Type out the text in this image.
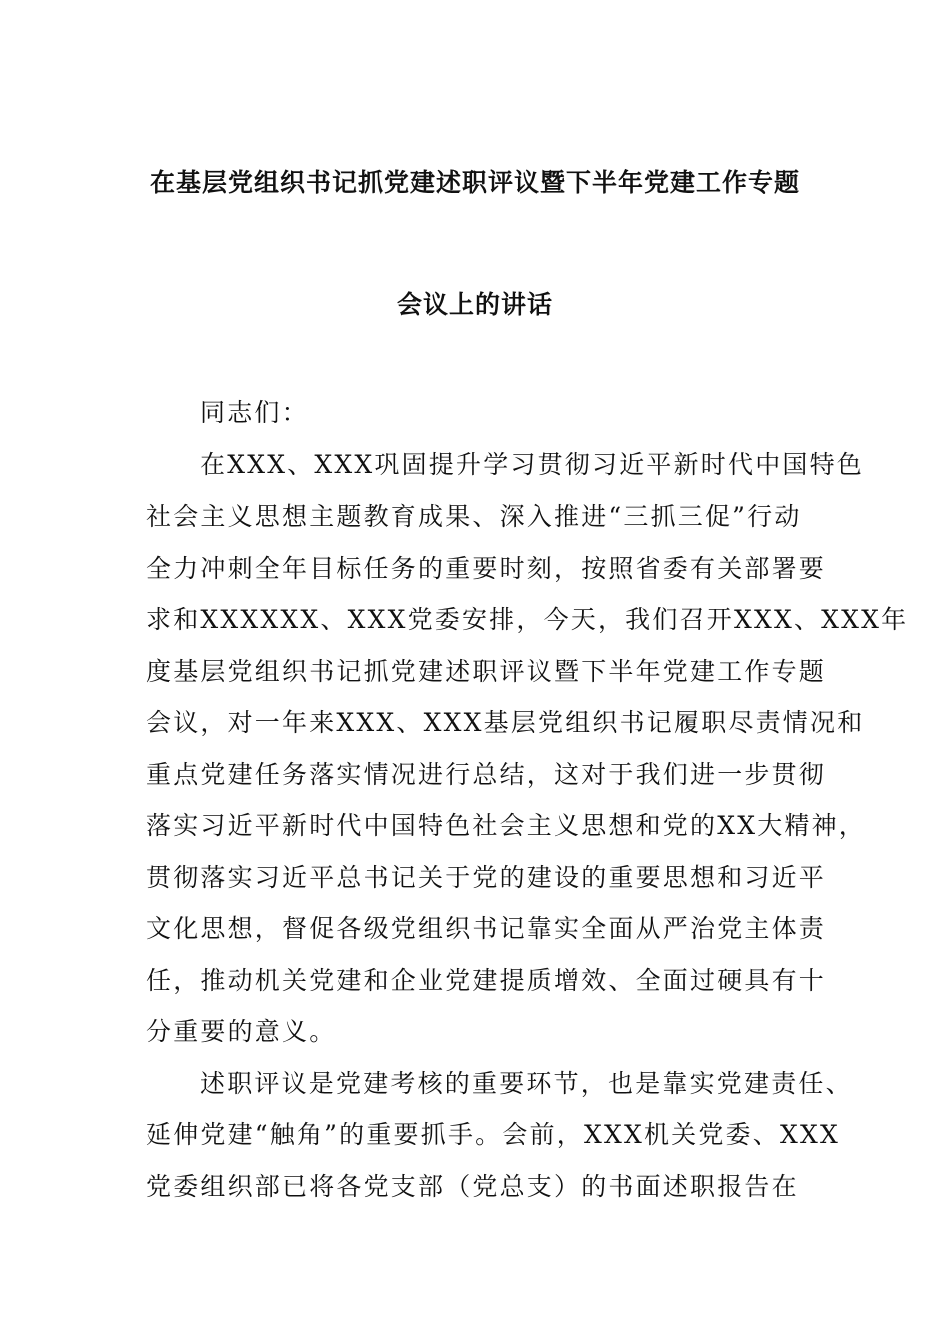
在基层党组织书记抓党建述职评议暨下半年党建工作专题
会议上的讲话
同志们：
在XXX、XXX巩固提升学习贯彻习近平新时代中国特色
社会主义思想主题教育成果、深入推进“三抓三促”行动
全力冲刺全年目标任务的重要时刻，按照省委有关部署要
求和XXXXXX、XXX党委安排，今天，我们召开XXX、XXX年
度基层党组织书记抓党建述职评议暨下半年党建工作专题
会议，对一年来XXX、XXX基层党组织书记履职尽责情况和
重点党建任务落实情况进行总结，这对于我们进一步贯彻
落实习近平新时代中国特色社会主义思想和党的XX大精神，
贯彻落实习近平总书记关于党的建设的重要思想和习近平
文化思想，督促各级党组织书记靠实全面从严治党主体责
任，推动机关党建和企业党建提质增效、全面过硬具有十
分重要的意义。
述职评议是党建考核的重要环节，也是靠实党建责任、
延伸党建“触角”的重要抓手。会前，XXX机关党委、XXX
党委组织部已将各党支部（党总支）的书面述职报告在
